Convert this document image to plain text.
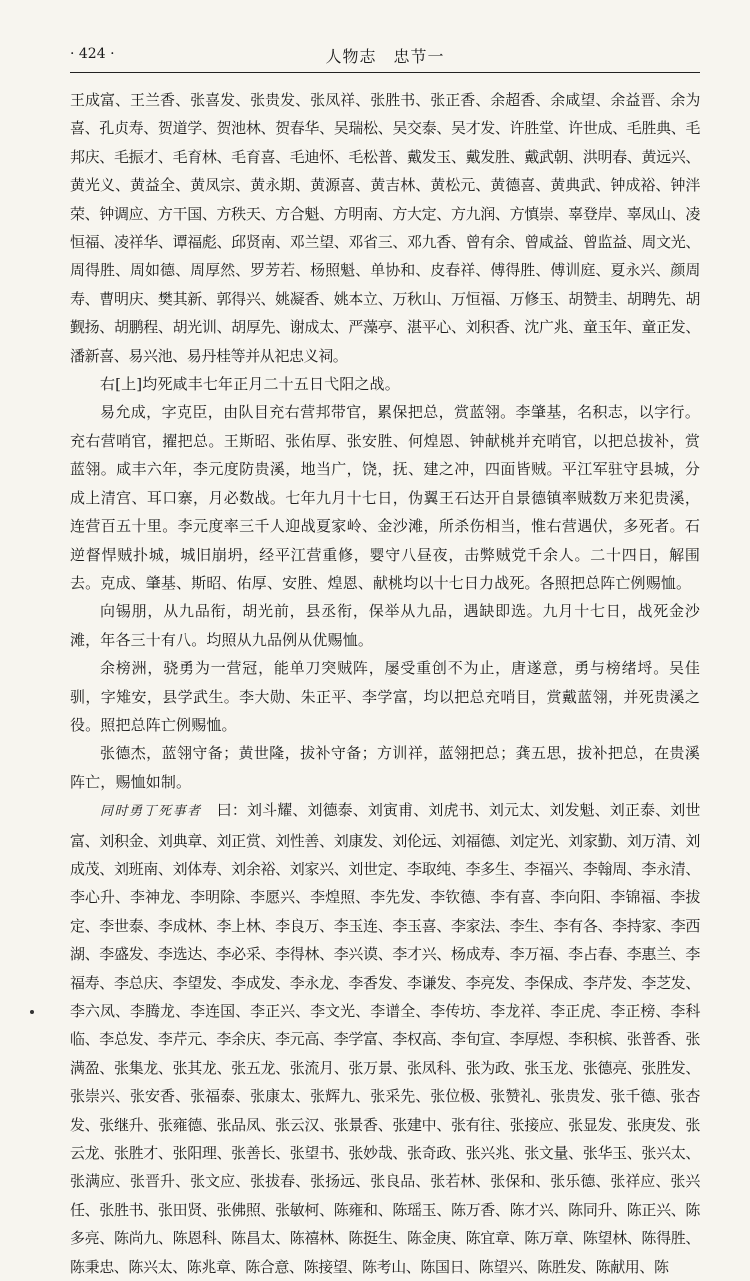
· 424 ·	人物志　忠节一

王成富、王兰香、张喜发、张贵发、张凤祥、张胜书、张正香、余超香、余咸望、余益晋、余为喜、孔贞寿、贺道学、贺池林、贺春华、吴瑞松、吴交泰、吴才发、许胜堂、许世成、毛胜典、毛邦庆、毛振才、毛育林、毛育喜、毛迪怀、毛松普、戴发玉、戴发胜、戴武朝、洪明春、黄远兴、黄光义、黄益全、黄凤宗、黄永期、黄源喜、黄吉林、黄松元、黄德喜、黄典武、钟成裕、钟泮荣、钟调应、方干国、方秩天、方合魁、方明南、方大定、方九润、方慎崇、辜登岸、辜凤山、凌恒福、凌祥华、谭福彪、邱贤南、邓兰望、邓省三、邓九香、曾有余、曾咸益、曾监益、周文光、周得胜、周如德、周厚然、罗芳若、杨照魁、单协和、皮春祥、傅得胜、傅训庭、夏永兴、颜周寿、曹明庆、樊其新、郭得兴、姚凝香、姚本立、万秋山、万恒福、万修玉、胡赞圭、胡聘先、胡觐扬、胡鹏程、胡光训、胡厚先、谢成太、严藻亭、湛平心、刘积香、沈广兆、童玉年、童正发、潘新喜、易兴池、易丹桂等并从祀忠义祠。

右[上]均死咸丰七年正月二十五日弋阳之战。

易允成，字克臣，由队目充右营邦带官，累保把总，赏蓝翎。李肇基，名积志，以字行。充右营哨官，擢把总。王斯昭、张佑厚、张安胜、何煌恩、钟献桃并充哨官，以把总拔补，赏蓝翎。咸丰六年，李元度防贵溪，地当广，饶，抚、建之冲，四面皆贼。平江军驻守县城，分成上清宫、耳口寨，月必数战。七年九月十七日，伪翼王石达开自景德镇率贼数万来犯贵溪，连营百五十里。李元度率三千人迎战夏家岭、金沙滩，所杀伤相当，惟右营遇伏，多死者。石逆督悍贼扑城，城旧崩坍，经平江营重修，婴守八昼夜，击弊贼党千余人。二十四日，解围去。克成、肇基、斯昭、佑厚、安胜、煌恩、献桃均以十七日力战死。各照把总阵亡例赐恤。

向锡朋，从九品衔，胡光前，县丞衔，保举从九品，遇缺即选。九月十七日，战死金沙滩，年各三十有八。均照从九品例从优赐恤。

余榜洲，骁勇为一营冠，能单刀突贼阵，屡受重创不为止，唐遂意，勇与榜绪埒。吴佳驯，字雉安，县学武生。李大勋、朱正平、李学富，均以把总充哨目，赏戴蓝翎，并死贵溪之役。照把总阵亡例赐恤。

张德杰，蓝翎守备；黄世隆，拔补守备；方训祥，蓝翎把总；龚五思，拔补把总，在贵溪阵亡，赐恤如制。

同时勇丁死事者　 曰：刘斗耀、刘德泰、刘寅甫、刘虎书、刘元太、刘发魁、刘正泰、刘世富、刘积金、刘典章、刘正赏、刘性善、刘康发、刘伦远、刘福德、刘定光、刘家勤、刘万清、刘成茂、刘班南、刘体寿、刘余裕、刘家兴、刘世定、李取纯、李多生、李福兴、李翰周、李永清、李心升、李神龙、李明除、李愿兴、李煌照、李先发、李钦德、李有喜、李向阳、李锦福、李拔定、李世泰、李成林、李上林、李良万、李玉连、李玉喜、李家法、李生、李有各、李持家、李西湖、李盛发、李选达、李必采、李得林、李兴谟、李才兴、杨成寿、李万福、李占春、李惠兰、李福寿、李总庆、李望发、李成发、李永龙、李香发、李谦发、李亮发、李保成、李芹发、李芝发、李六凤、李腾龙、李连国、李正兴、李文光、李谱全、李传坊、李龙祥、李正虎、李正榜、李科临、李总发、李芹元、李余庆、李元高、李学富、李权高、李旬宣、李厚煜、李积槟、张普香、张满盈、张集龙、张其龙、张五龙、张流月、张万景、张凤科、张为政、张玉龙、张德亮、张胜发、张崇兴、张安香、张福泰、张康太、张辉九、张采先、张位极、张赞礼、张贵发、张千德、张杏发、张继升、张雍德、张品凤、张云汉、张景香、张建中、张有往、张接应、张显发、张庚发、张云龙、张胜才、张阳理、张善长、张望书、张妙哉、张奇政、张兴兆、张文量、张华玉、张兴太、张满应、张晋升、张文应、张拔春、张扬远、张良品、张若林、张保和、张乐德、张祥应、张兴任、张胜书、张田贤、张佛照、张敏柯、陈雍和、陈瑶玉、陈万香、陈才兴、陈同升、陈正兴、陈多亮、陈尚九、陈恩科、陈昌太、陈禧林、陈挺生、陈金庚、陈宜章、陈万章、陈望林、陈得胜、陈秉忠、陈兴太、陈兆章、陈合意、陈接望、陈考山、陈国日、陈望兴、陈胜发、陈献用、陈
